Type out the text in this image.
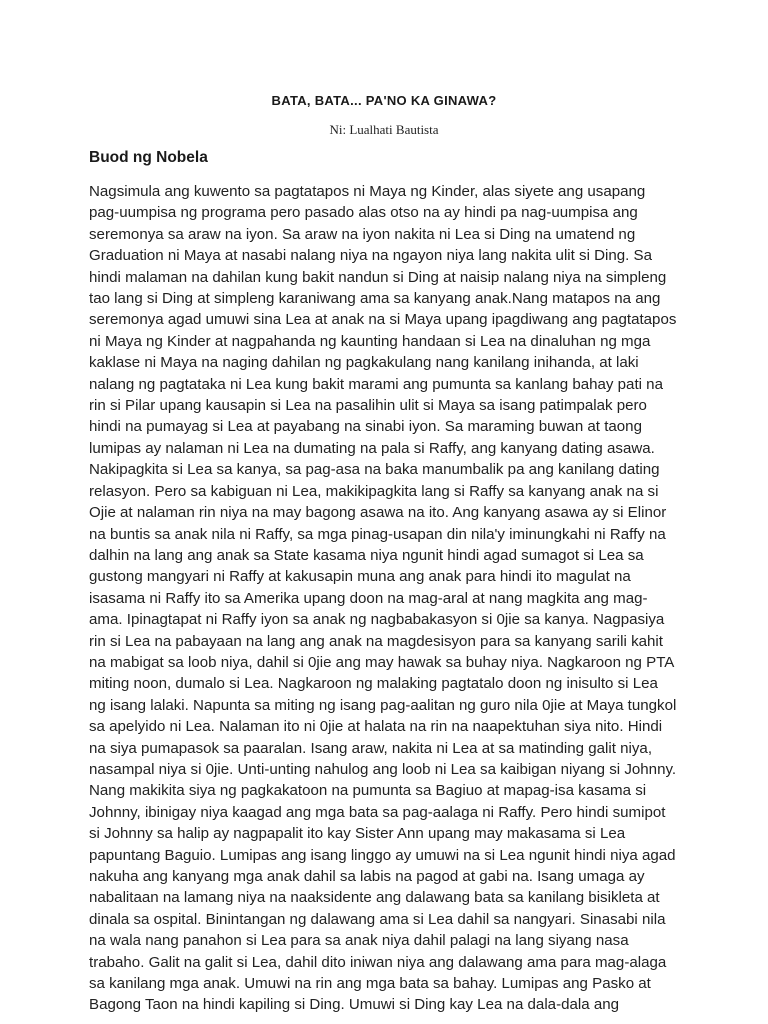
BATA, BATA... PA'NO KA GINAWA?
Ni: Lualhati Bautista
Buod ng Nobela
Nagsimula ang kuwento sa pagtatapos ni Maya ng Kinder, alas siyete ang usapang
pag-uumpisa ng programa pero pasado alas otso na ay hindi pa nag-uumpisa ang
seremonya sa araw na iyon. Sa araw na iyon nakita ni Lea si Ding na umatend ng
Graduation ni Maya at nasabi nalang niya na ngayon niya lang nakita ulit si Ding. Sa
hindi malaman na dahilan kung bakit nandun si Ding at naisip nalang niya na simpleng
tao lang si Ding at simpleng karaniwang ama sa kanyang anak.Nang matapos na ang
seremonya agad umuwi sina Lea at anak na si Maya upang ipagdiwang ang pagtatapos
ni Maya ng Kinder at nagpahanda ng kaunting handaan si Lea na dinaluhan ng mga
kaklase ni Maya na naging dahilan ng pagkakulang nang kanilang inihanda, at laki
nalang ng pagtataka ni Lea kung bakit marami ang pumunta sa kanlang bahay pati na
rin si Pilar upang kausapin si Lea na pasalihin ulit si Maya sa isang patimpalak pero
hindi na pumayag si Lea at payabang na sinabi iyon. Sa maraming buwan at taong
lumipas ay nalaman ni Lea na dumating na pala si Raffy, ang kanyang dating asawa.
Nakipagkita si Lea sa kanya, sa pag-asa na baka manumbalik pa ang kanilang dating
relasyon. Pero sa kabiguan ni Lea, makikipagkita lang si Raffy sa kanyang anak na si
Ojie at nalaman rin niya na may bagong asawa na ito. Ang kanyang asawa ay si Elinor
na buntis sa anak nila ni Raffy, sa mga pinag-usapan din nila'y iminungkahi ni Raffy na
dalhin na lang ang anak sa State kasama niya ngunit hindi agad sumagot si Lea sa
gustong mangyari ni Raffy at kakusapin muna ang anak para hindi ito magulat na
isasama ni Raffy ito sa Amerika upang doon na mag-aral at nang magkita ang mag-
ama. Ipinagtapat ni Raffy iyon sa anak ng nagbabakasyon si 0jie sa kanya. Nagpasiya
rin si Lea na pabayaan na lang ang anak na magdesisyon para sa kanyang sarili kahit
na mabigat sa loob niya, dahil si 0jie ang may hawak sa buhay niya. Nagkaroon ng PTA
miting noon, dumalo si Lea. Nagkaroon ng malaking pagtatalo doon ng inisulto si Lea
ng isang lalaki. Napunta sa miting ng isang pag-aalitan ng guro nila 0jie at Maya tungkol
sa apelyido ni Lea. Nalaman ito ni 0jie at halata na rin na naapektuhan siya nito. Hindi
na siya pumapasok sa paaralan. Isang araw, nakita ni Lea at sa matinding galit niya,
nasampal niya si 0jie. Unti-unting nahulog ang loob ni Lea sa kaibigan niyang si Johnny.
Nang makikita siya ng pagkakatoon na pumunta sa Bagiuo at mapag-isa kasama si
Johnny, ibinigay niya kaagad ang mga bata sa pag-aalaga ni Raffy. Pero hindi sumipot
si Johnny sa halip ay nagpapalit ito kay Sister Ann upang may makasama si Lea
papuntang Baguio. Lumipas ang isang linggo ay umuwi na si Lea ngunit hindi niya agad
nakuha ang kanyang mga anak dahil sa labis na pagod at gabi na. Isang umaga ay
nabalitaan na lamang niya na naaksidente ang dalawang bata sa kanilang bisikleta at
dinala sa ospital. Binintangan ng dalawang ama si Lea dahil sa nangyari. Sinasabi nila
na wala nang panahon si Lea para sa anak niya dahil palagi na lang siyang nasa
trabaho. Galit na galit si Lea, dahil dito iniwan niya ang dalawang ama para mag-alaga
sa kanilang mga anak. Umuwi na rin ang mga bata sa bahay. Lumipas ang Pasko at
Bagong Taon na hindi kapiling si Ding. Umuwi si Ding kay Lea na dala-dala ang
